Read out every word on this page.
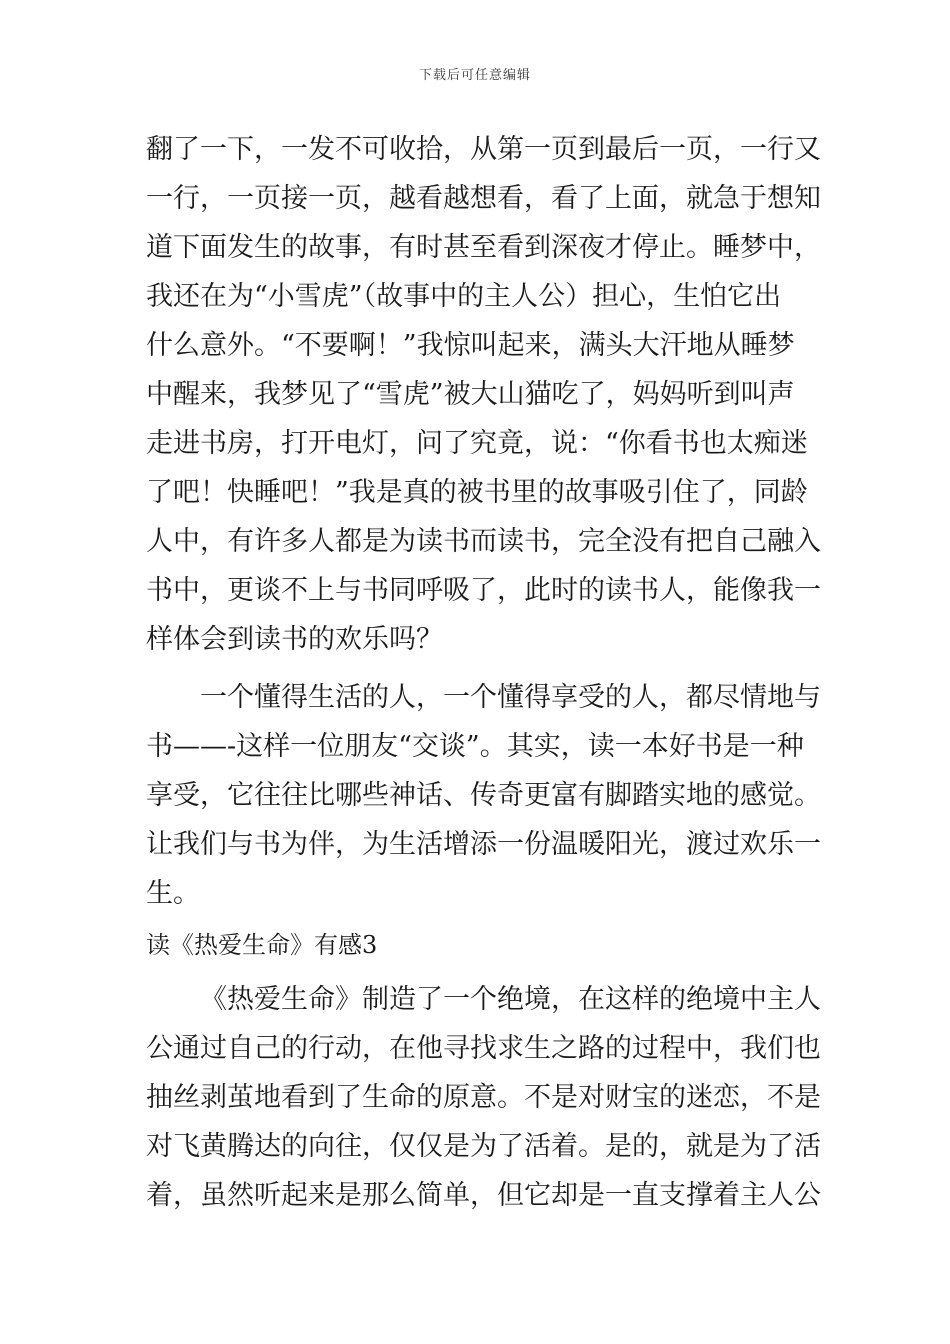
下载后可任意编辑
翻了一下，一发不可收拾，从第一页到最后一页，一行又
一行，一页接一页，越看越想看，看了上面，就急于想知
道下面发生的故事，有时甚至看到深夜才停止。睡梦中，
我还在为“小雪虎”（故事中的主人公）担心，生怕它出
什么意外。“不要啊！”我惊叫起来，满头大汗地从睡梦
中醒来，我梦见了“雪虎”被大山猫吃了，妈妈听到叫声
走进书房，打开电灯，问了究竟，说：“你看书也太痴迷
了吧！快睡吧！”我是真的被书里的故事吸引住了，同龄
人中，有许多人都是为读书而读书，完全没有把自己融入
书中，更谈不上与书同呼吸了，此时的读书人，能像我一
样体会到读书的欢乐吗？
一个懂得生活的人，一个懂得享受的人，都尽情地与
书——-这样一位朋友“交谈”。其实，读一本好书是一种
享受，它往往比哪些神话、传奇更富有脚踏实地的感觉。
让我们与书为伴，为生活增添一份温暖阳光，渡过欢乐一
生。
读《热爱生命》有感3
《热爱生命》制造了一个绝境，在这样的绝境中主人
公通过自己的行动，在他寻找求生之路的过程中，我们也
抽丝剥茧地看到了生命的原意。不是对财宝的迷恋，不是
对飞黄腾达的向往，仅仅是为了活着。是的，就是为了活
着，虽然听起来是那么简单，但它却是一直支撑着主人公
